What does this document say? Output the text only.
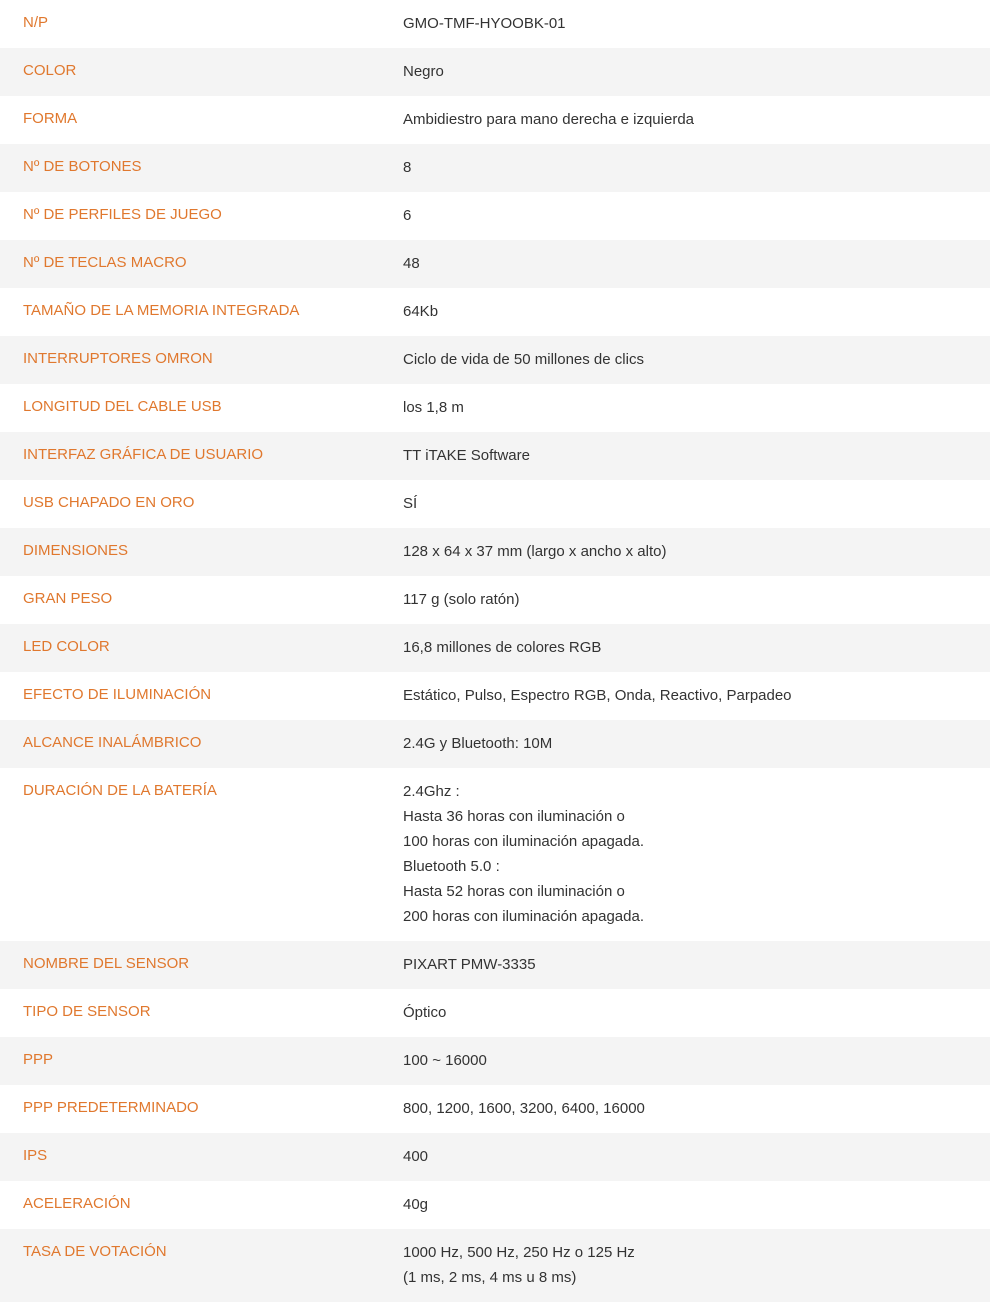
N/P	GMO-TMF-HYOOBK-01
COLOR	Negro
FORMA	Ambidiestro para mano derecha e izquierda
Nº DE BOTONES	8
Nº DE PERFILES DE JUEGO	6
Nº DE TECLAS MACRO	48
TAMAÑO DE LA MEMORIA INTEGRADA	64Kb
INTERRUPTORES OMRON	Ciclo de vida de 50 millones de clics
LONGITUD DEL CABLE USB	los 1,8 m
INTERFAZ GRÁFICA DE USUARIO	TT iTAKE Software
USB CHAPADO EN ORO	SÍ
DIMENSIONES	128 x 64 x 37 mm (largo x ancho x alto)
GRAN PESO	117 g (solo ratón)
LED COLOR	16,8 millones de colores RGB
EFECTO DE ILUMINACIÓN	Estático, Pulso, Espectro RGB, Onda, Reactivo, Parpadeo
ALCANCE INALÁMBRICO	2.4G y Bluetooth: 10M
DURACIÓN DE LA BATERÍA	2.4Ghz :
Hasta 36 horas con iluminación o
100 horas con iluminación apagada.
Bluetooth 5.0 :
Hasta 52 horas con iluminación o
200 horas con iluminación apagada.
NOMBRE DEL SENSOR	PIXART PMW-3335
TIPO DE SENSOR	Óptico
PPP	100 ~ 16000
PPP PREDETERMINADO	800, 1200, 1600, 3200, 6400, 16000
IPS	400
ACELERACIÓN	40g
TASA DE VOTACIÓN	1000 Hz, 500 Hz, 250 Hz o 125 Hz
(1 ms, 2 ms, 4 ms u 8 ms)
